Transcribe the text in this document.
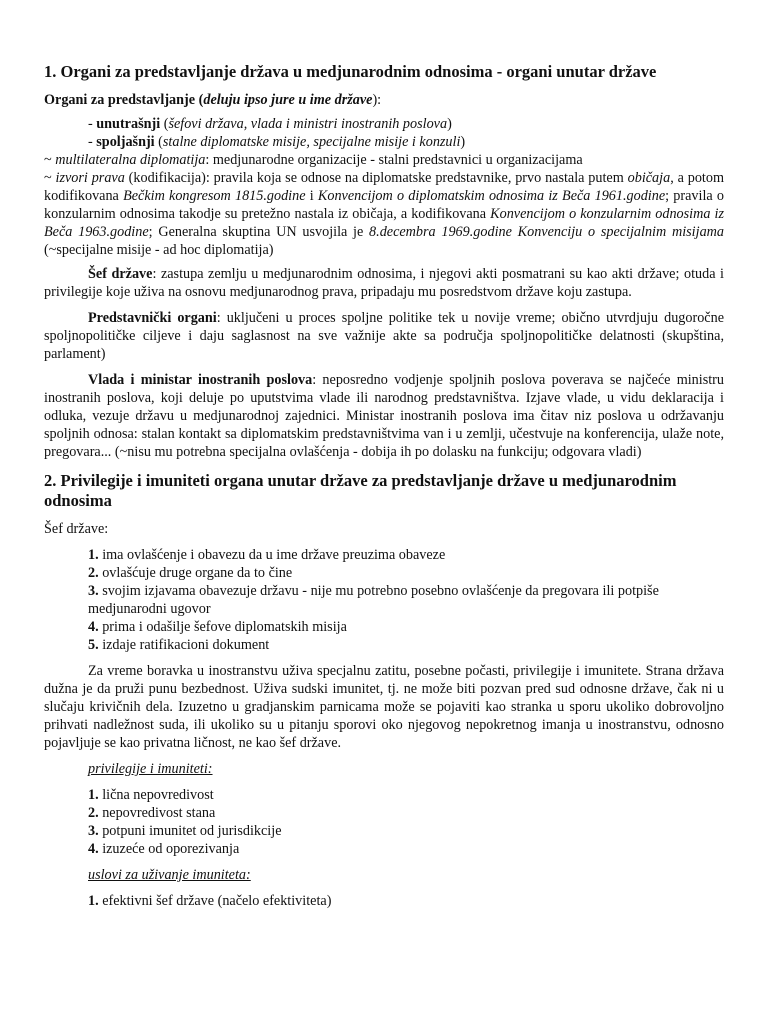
1. Organi za predstavljanje država u medjunarodnim odnosima - organi unutar države

Organi za predstavljanje (deluju ipso jure u ime države):

- unutrašnji (šefovi država, vlada i ministri inostranih poslova)

- spoljašnji (stalne diplomatske misije, specijalne misije i konzuli)

~ multilateralna diplomatija: medjunarodne organizacije - stalni predstavnici u organizacijama

~ izvori prava (kodifikacija): pravila koja se odnose na diplomatske predstavnike, prvo nastala putem običaja, a potom kodifikovana Bečkim kongresom 1815.godine i Konvencijom o diplomatskim odnosima iz Beča 1961.godine; pravila o konzularnim odnosima takodje su pretežno nastala iz običaja, a kodifikovana Konvencijom o konzularnim odnosima iz Beča 1963.godine; Generalna skuptina UN usvojila je 8.decembra 1969.godine Konvenciju o specijalnim misijama (~specijalne misije - ad hoc diplomatija)

Šef države: zastupa zemlju u medjunarodnim odnosima, i njegovi akti posmatrani su kao akti države; otuda i privilegije koje uživa na osnovu medjunarodnog prava, pripadaju mu posredstvom države koju zastupa.

Predstavnički organi: uključeni u proces spoljne politike tek u novije vreme; obično utvrdjuju dugoročne spoljnopolitičke ciljeve i daju saglasnost na sve važnije akte sa područja spoljnopolitičke delatnosti (skupština, parlament)

Vlada i ministar inostranih poslova: neposredno vodjenje spoljnih poslova poverava se najčeće ministru inostranih poslova, koji deluje po uputstvima vlade ili narodnog predstavništva. Izjave vlade, u vidu deklaracija i odluka, vezuje državu u medjunarodnoj zajednici. Ministar inostranih poslova ima čitav niz poslova u održavanju spoljnih odnosa: stalan kontakt sa diplomatskim predstavništvima van i u zemlji, učestvuje na konferencija, ulaže note, pregovara... (~nisu mu potrebna specijalna ovlašćenja - dobija ih po dolasku na funkciju; odgovara vladi)

2. Privilegije i imuniteti organa unutar države za predstavljanje države u medjunarodnim odnosima

Šef države:

1. ima ovlašćenje i obavezu da u ime države preuzima obaveze

2. ovlašćuje druge organe da to čine

3. svojim izjavama obavezuje državu - nije mu potrebno posebno ovlašćenje da pregovara ili potpiše medjunarodni ugovor

4. prima i odašilje šefove diplomatskih misija

5. izdaje ratifikacioni dokument

Za vreme boravka u inostranstvu uživa specjalnu zatitu, posebne počasti, privilegije i imunitete. Strana država dužna je da pruži punu bezbednost. Uživa sudski imunitet, tj. ne može biti pozvan pred sud odnosne države, čak ni u slučaju krivičnih dela. Izuzetno u gradjanskim parnicama može se pojaviti kao stranka u sporu ukoliko dobrovoljno prihvati nadležnost suda, ili ukoliko su u pitanju sporovi oko njegovog nepokretnog imanja u inostranstvu, odnosno pojavljuje se kao privatna ličnost, ne kao šef države.

privilegije i imuniteti:

1. lična nepovredivost

2. nepovredivost stana

3. potpuni imunitet od jurisdikcije

4. izuzeće od oporezivanja

uslovi za uživanje imuniteta:

1. efektivni šef države (načelo efektiviteta)
